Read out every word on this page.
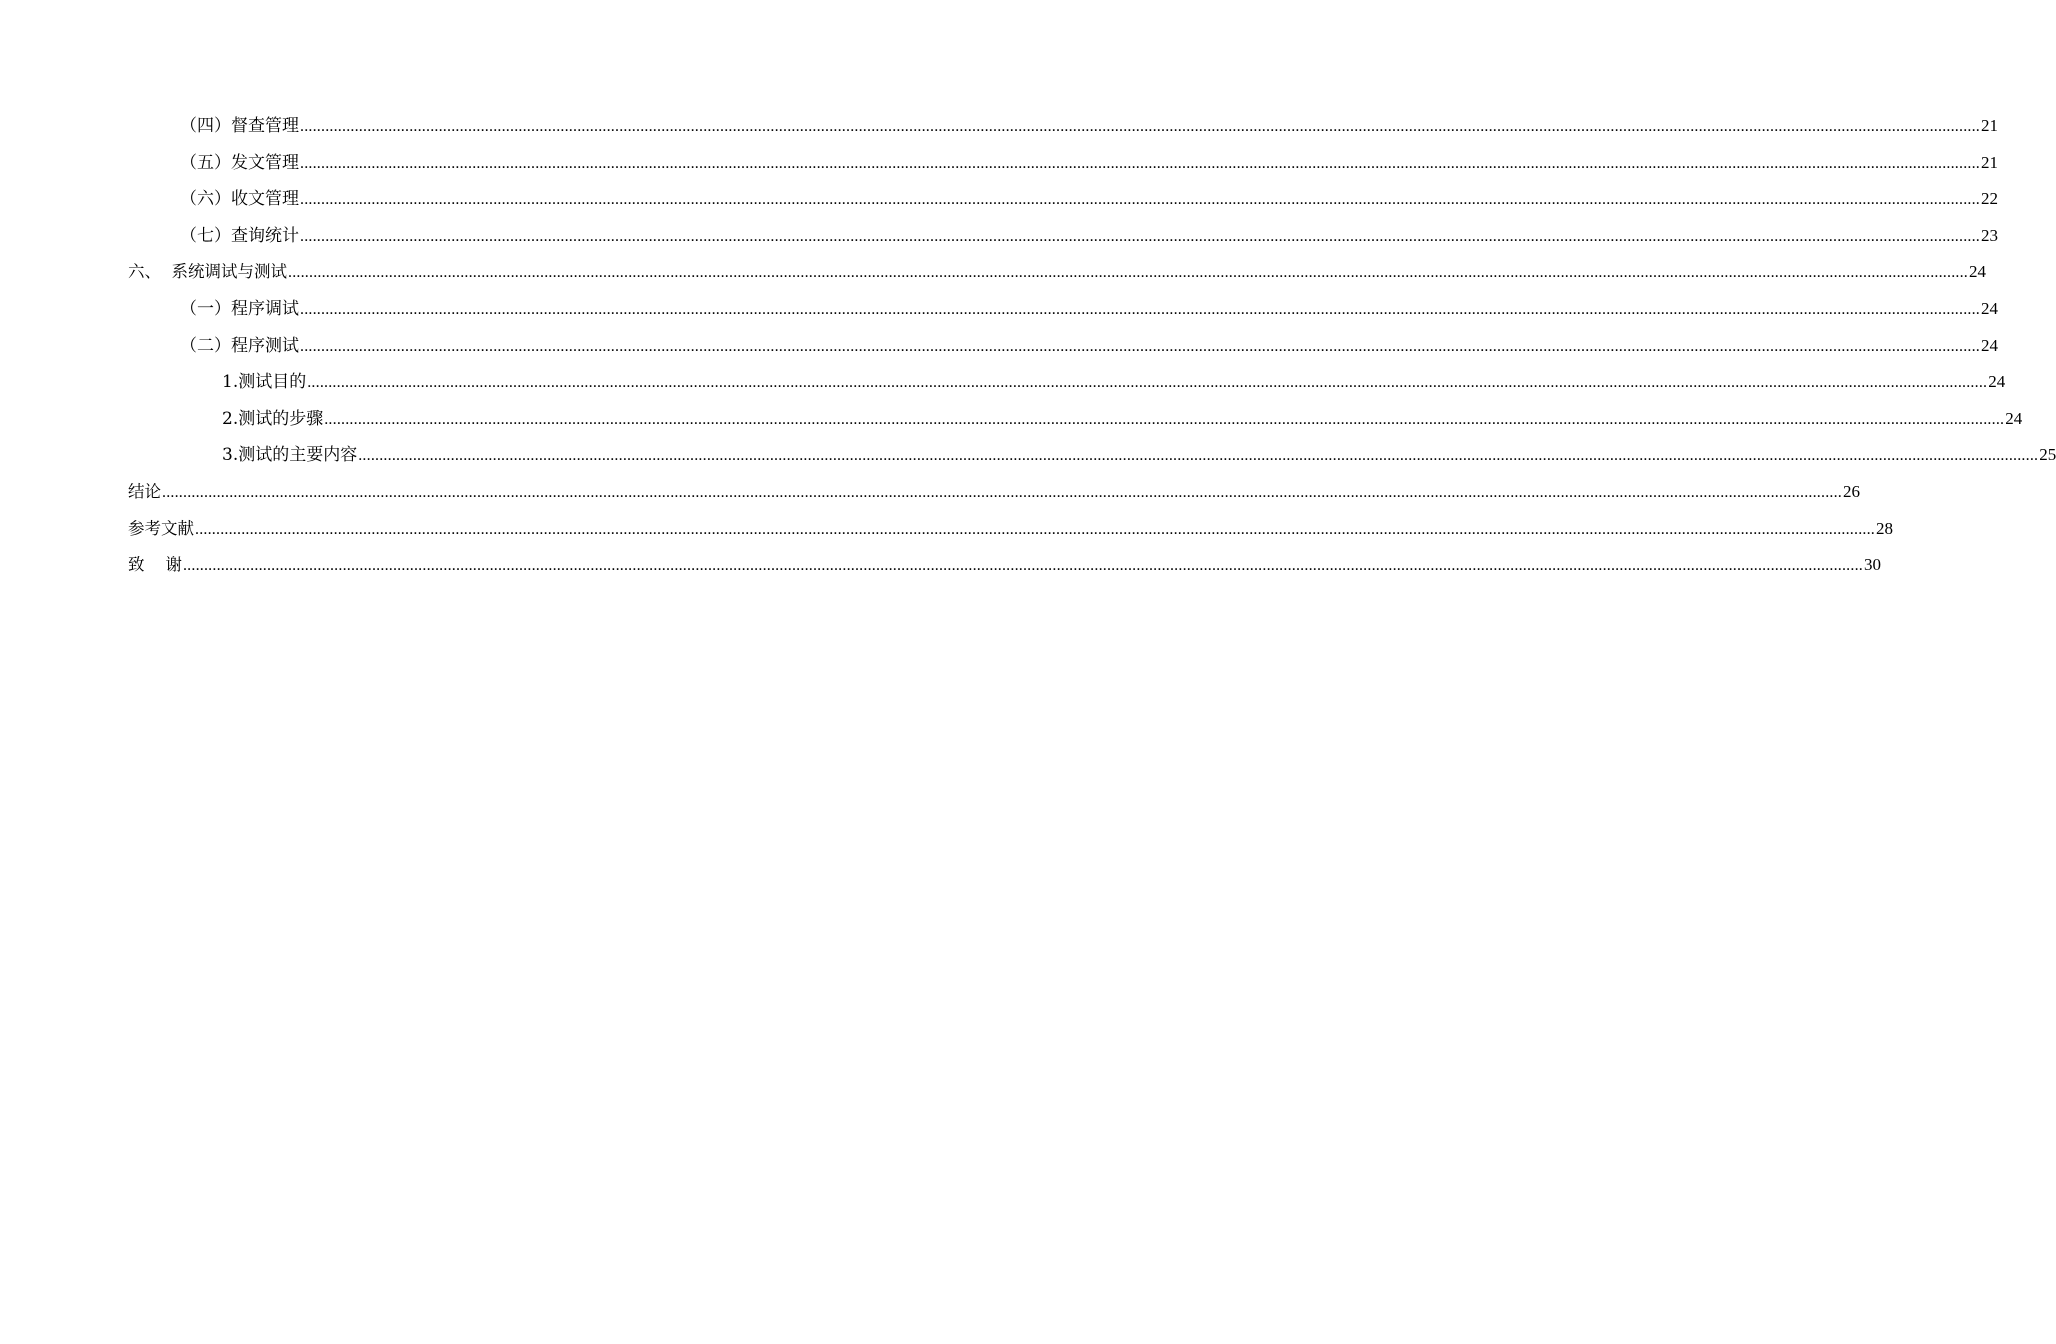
（四）督查管理 ................................................................................................................................................................................................................................................................................................................................................................................................................ 21
（五）发文管理 ................................................................................................................................................................................................................................................................................................................................................................................................................ 21
（六）收文管理 ................................................................................................................................................................................................................................................................................................................................................................................................................ 22
（七）查询统计 ................................................................................................................................................................................................................................................................................................................................................................................................................ 23
六、  系统调试与测试 ................................................................................................................................................................................................................................................................................................................................................................................................................ 24
（一）程序调试 ................................................................................................................................................................................................................................................................................................................................................................................................................ 24
（二）程序测试 ................................................................................................................................................................................................................................................................................................................................................................................................................ 24
1.测试目的 ................................................................................................................................................................................................................................................................................................................................................................................................................ 24
2.测试的步骤 ................................................................................................................................................................................................................................................................................................................................................................................................................ 24
3.测试的主要内容 ................................................................................................................................................................................................................................................................................................................................................................................................................ 25
结论 ................................................................................................................................................................................................................................................................................................................................................................................................................ 26
参考文献 ................................................................................................................................................................................................................................................................................................................................................................................................................ 28
致    谢 ................................................................................................................................................................................................................................................................................................................................................................................................................ 30
